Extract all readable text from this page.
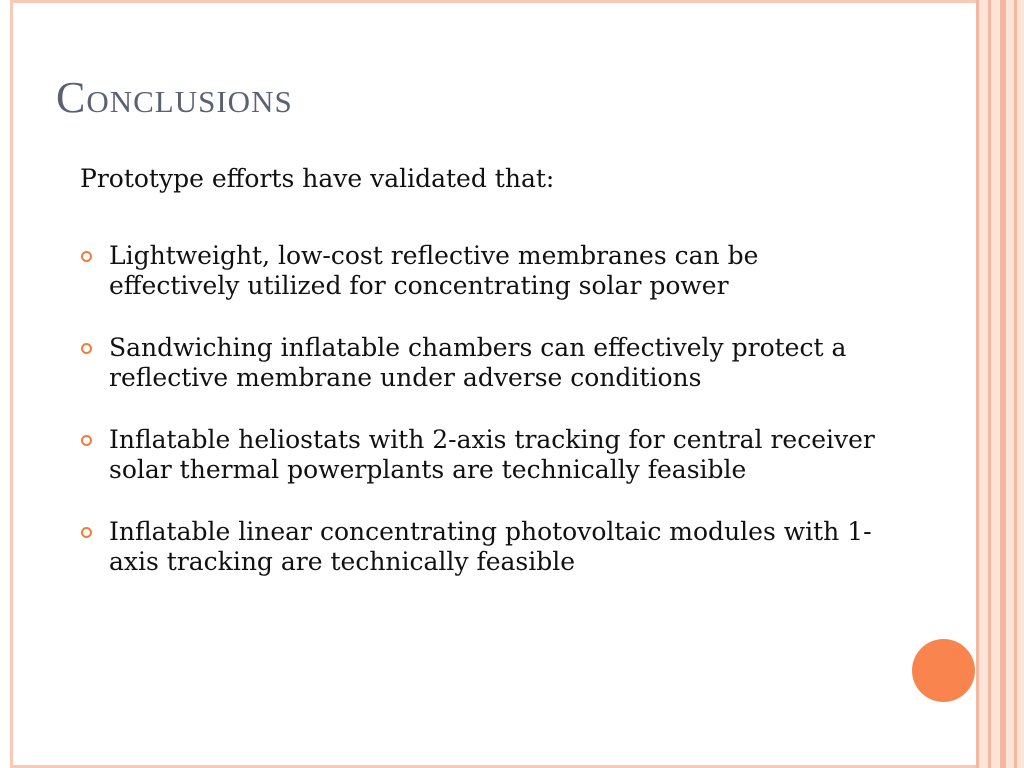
Conclusions

Prototype efforts have validated that:

Lightweight, low-cost reflective membranes can be effectively utilized for concentrating solar power
Sandwiching inflatable chambers can effectively protect a reflective membrane under adverse conditions
Inflatable heliostats with 2-axis tracking for central receiver solar thermal powerplants are technically feasible
Inflatable linear concentrating photovoltaic modules with 1-axis tracking are technically feasible
